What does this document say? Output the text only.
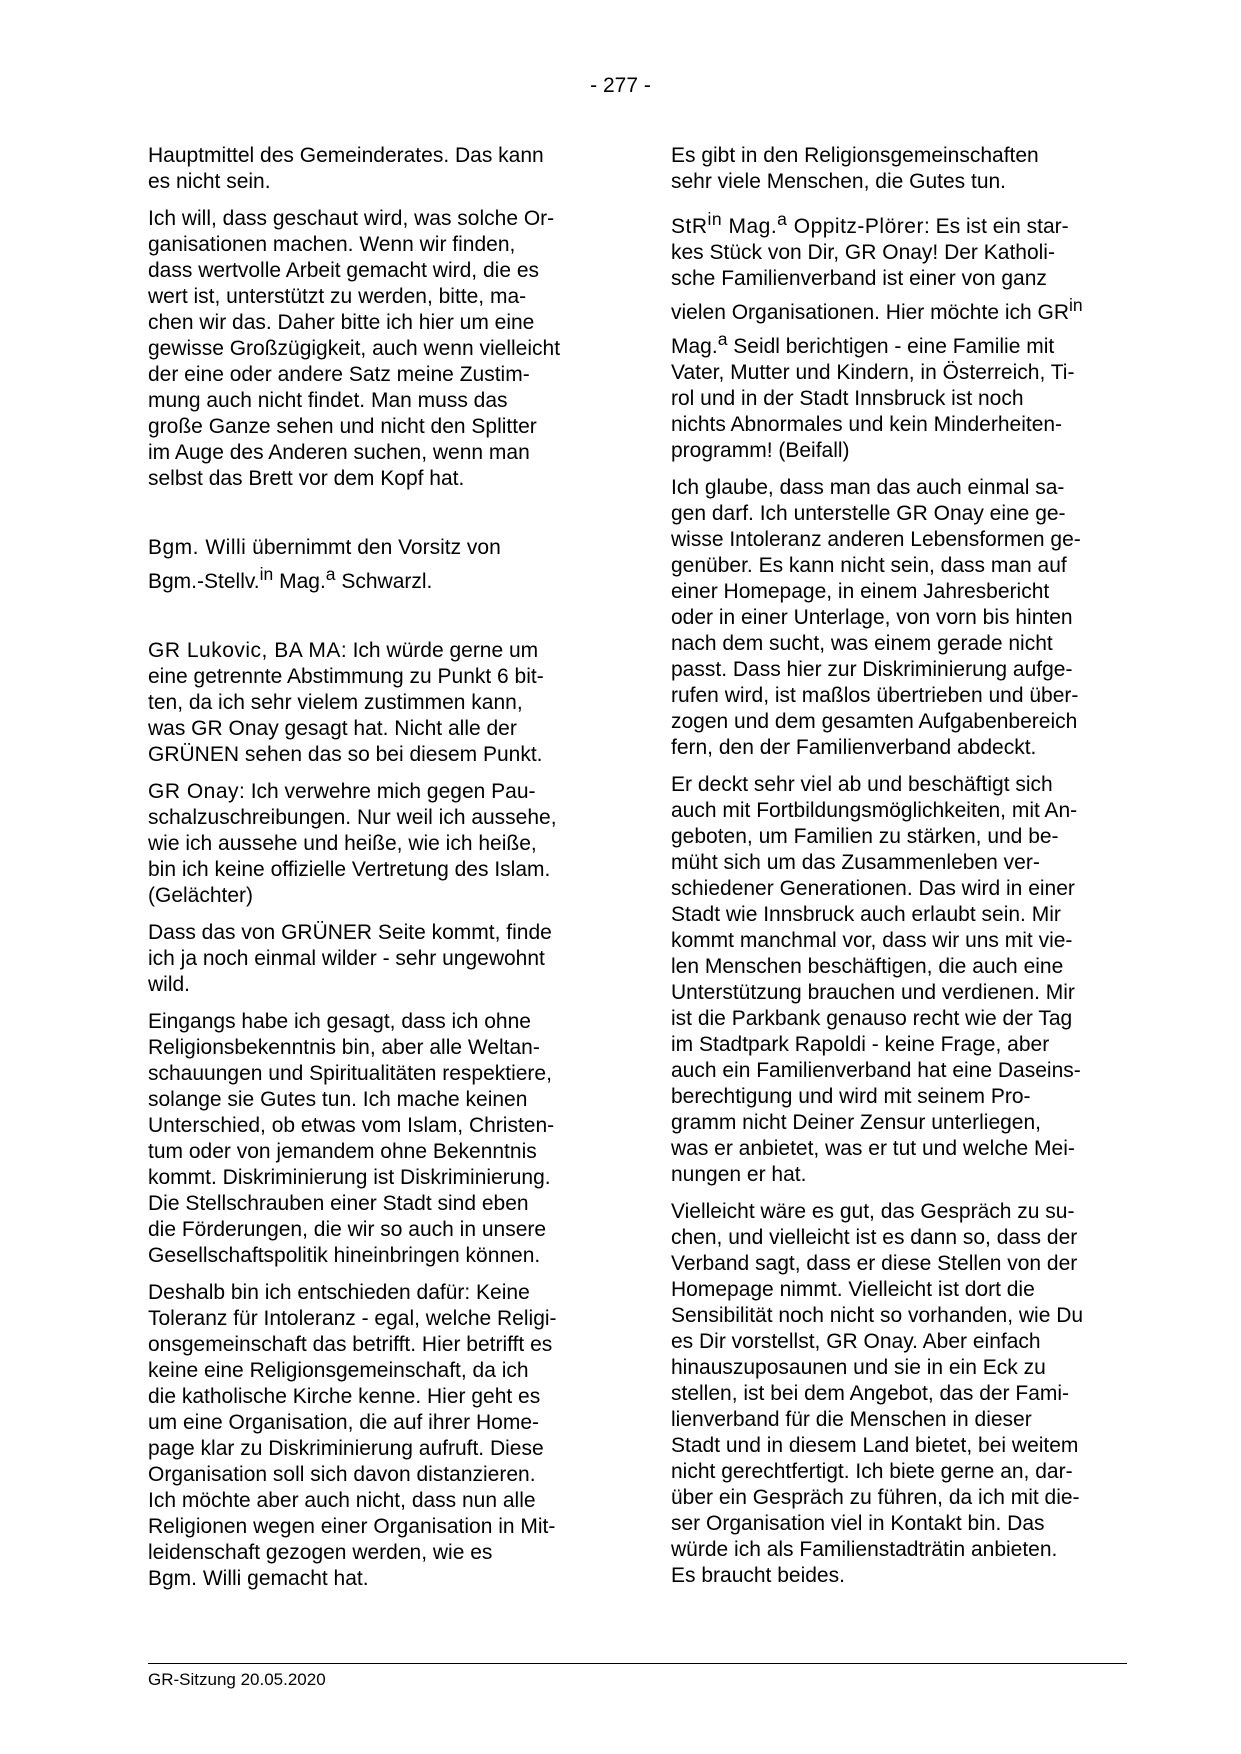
- 277 -
Hauptmittel des Gemeinderates. Das kann
es nicht sein.
Ich will, dass geschaut wird, was solche Or-
ganisationen machen. Wenn wir finden,
dass wertvolle Arbeit gemacht wird, die es
wert ist, unterstützt zu werden, bitte, ma-
chen wir das. Daher bitte ich hier um eine
gewisse Großzügigkeit, auch wenn vielleicht
der eine oder andere Satz meine Zustim-
mung auch nicht findet. Man muss das
große Ganze sehen und nicht den Splitter
im Auge des Anderen suchen, wenn man
selbst das Brett vor dem Kopf hat.
Bgm. Willi übernimmt den Vorsitz von
Bgm.-Stellv.$^{in}$ Mag.$^a$ Schwarzl.
GR Lukovic, BA MA: Ich würde gerne um
eine getrennte Abstimmung zu Punkt 6 bit-
ten, da ich sehr vielem zustimmen kann,
was GR Onay gesagt hat. Nicht alle der
GRÜNEN sehen das so bei diesem Punkt.
GR Onay: Ich verwehre mich gegen Pau-
schalzuschreibungen. Nur weil ich aussehe,
wie ich aussehe und heiße, wie ich heiße,
bin ich keine offizielle Vertretung des Islam.
(Gelächter)
Dass das von GRÜNER Seite kommt, finde
ich ja noch einmal wilder - sehr ungewohnt
wild.
Eingangs habe ich gesagt, dass ich ohne
Religionsbekenntnis bin, aber alle Weltan-
schauungen und Spiritualitäten respektiere,
solange sie Gutes tun. Ich mache keinen
Unterschied, ob etwas vom Islam, Christen-
tum oder von jemandem ohne Bekenntnis
kommt. Diskriminierung ist Diskriminierung.
Die Stellschrauben einer Stadt sind eben
die Förderungen, die wir so auch in unsere
Gesellschaftspolitik hineinbringen können.
Deshalb bin ich entschieden dafür: Keine
Toleranz für Intoleranz - egal, welche Religi-
onsgemeinschaft das betrifft. Hier betrifft es
keine eine Religionsgemeinschaft, da ich
die katholische Kirche kenne. Hier geht es
um eine Organisation, die auf ihrer Home-
page klar zu Diskriminierung aufruft. Diese
Organisation soll sich davon distanzieren.
Ich möchte aber auch nicht, dass nun alle
Religionen wegen einer Organisation in Mit-
leidenschaft gezogen werden, wie es
Bgm. Willi gemacht hat.
Es gibt in den Religionsgemeinschaften
sehr viele Menschen, die Gutes tun.
StR$^{in}$ Mag.$^a$ Oppitz-Plörer: Es ist ein star-
kes Stück von Dir, GR Onay! Der Katholi-
sche Familienverband ist einer von ganz
vielen Organisationen. Hier möchte ich $GR^{in}$
Mag.$^a$ Seidl berichtigen - eine Familie mit
Vater, Mutter und Kindern, in Österreich, Ti-
rol und in der Stadt Innsbruck ist noch
nichts Abnormales und kein Minderheiten-
programm! (Beifall)
Ich glaube, dass man das auch einmal sa-
gen darf. Ich unterstelle GR Onay eine ge-
wisse Intoleranz anderen Lebensformen ge-
genüber. Es kann nicht sein, dass man auf
einer Homepage, in einem Jahresbericht
oder in einer Unterlage, von vorn bis hinten
nach dem sucht, was einem gerade nicht
passt. Dass hier zur Diskriminierung aufge-
rufen wird, ist maßlos übertrieben und über-
zogen und dem gesamten Aufgabenbereich
fern, den der Familienverband abdeckt.
Er deckt sehr viel ab und beschäftigt sich
auch mit Fortbildungsmöglichkeiten, mit An-
geboten, um Familien zu stärken, und be-
müht sich um das Zusammenleben ver-
schiedener Generationen. Das wird in einer
Stadt wie Innsbruck auch erlaubt sein. Mir
kommt manchmal vor, dass wir uns mit vie-
len Menschen beschäftigen, die auch eine
Unterstützung brauchen und verdienen. Mir
ist die Parkbank genauso recht wie der Tag
im Stadtpark Rapoldi - keine Frage, aber
auch ein Familienverband hat eine Daseins-
berechtigung und wird mit seinem Pro-
gramm nicht Deiner Zensur unterliegen,
was er anbietet, was er tut und welche Mei-
nungen er hat.
Vielleicht wäre es gut, das Gespräch zu su-
chen, und vielleicht ist es dann so, dass der
Verband sagt, dass er diese Stellen von der
Homepage nimmt. Vielleicht ist dort die
Sensibilität noch nicht so vorhanden, wie Du
es Dir vorstellst, GR Onay. Aber einfach
hinauszuposaunen und sie in ein Eck zu
stellen, ist bei dem Angebot, das der Fami-
lienverband für die Menschen in dieser
Stadt und in diesem Land bietet, bei weitem
nicht gerechtfertigt. Ich biete gerne an, dar-
über ein Gespräch zu führen, da ich mit die-
ser Organisation viel in Kontakt bin. Das
würde ich als Familienstadträtin anbieten.
Es braucht beides.
GR-Sitzung 20.05.2020
